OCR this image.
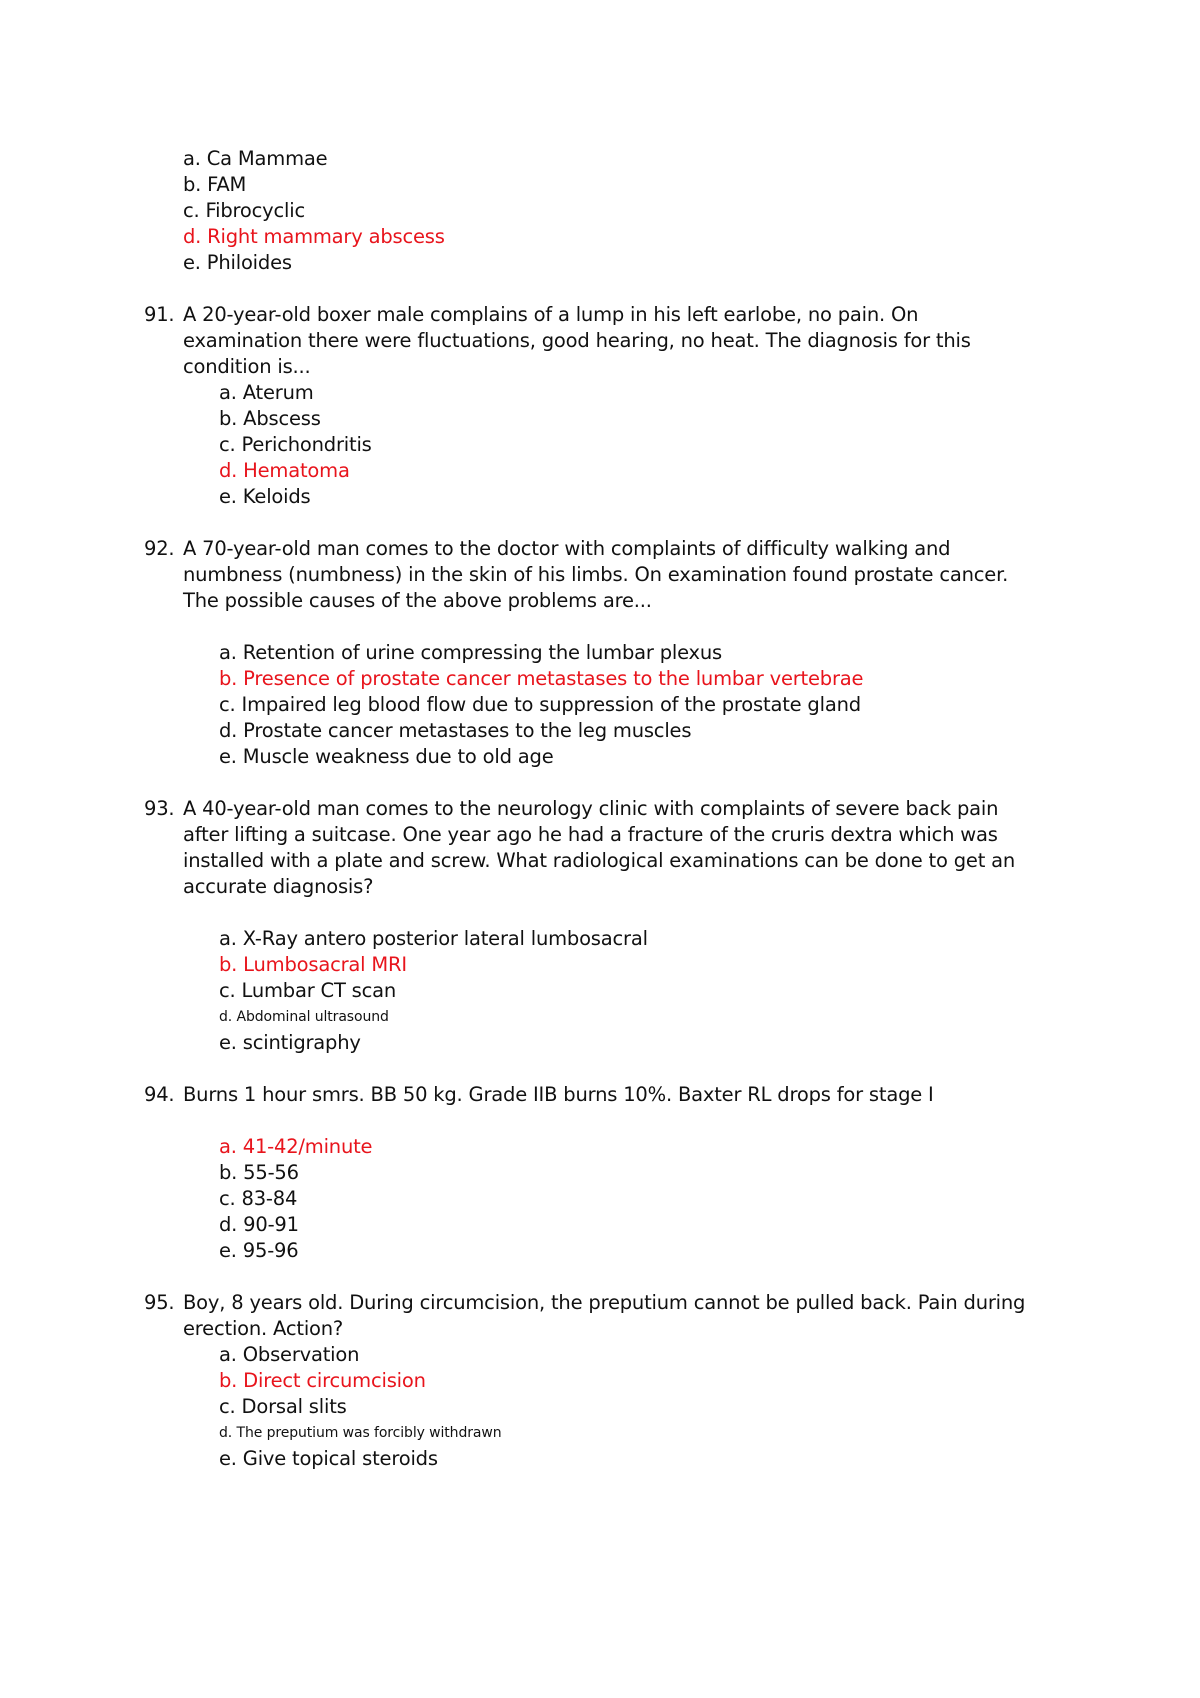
a. Ca Mammae
b. FAM
c. Fibrocyclic
d. Right mammary abscess
e. Philoides
91. A 20-year-old boxer male complains of a lump in his left earlobe, no pain. On
examination there were fluctuations, good hearing, no heat. The diagnosis for this
condition is...
a. Aterum
b. Abscess
c. Perichondritis
d. Hematoma
e. Keloids
92. A 70-year-old man comes to the doctor with complaints of difficulty walking and
numbness (numbness) in the skin of his limbs. On examination found prostate cancer.
The possible causes of the above problems are...
a. Retention of urine compressing the lumbar plexus
b. Presence of prostate cancer metastases to the lumbar vertebrae
c. Impaired leg blood flow due to suppression of the prostate gland
d. Prostate cancer metastases to the leg muscles
e. Muscle weakness due to old age
93. A 40-year-old man comes to the neurology clinic with complaints of severe back pain
after lifting a suitcase. One year ago he had a fracture of the cruris dextra which was
installed with a plate and screw. What radiological examinations can be done to get an
accurate diagnosis?
a. X-Ray antero posterior lateral lumbosacral
b. Lumbosacral MRI
c. Lumbar CT scan
d. Abdominal ultrasound
e. scintigraphy
94. Burns 1 hour smrs. BB 50 kg. Grade IIB burns 10%. Baxter RL drops for stage I
a. 41-42/minute
b. 55-56
c. 83-84
d. 90-91
e. 95-96
95. Boy, 8 years old. During circumcision, the preputium cannot be pulled back. Pain during
erection. Action?
a. Observation
b. Direct circumcision
c. Dorsal slits
d. The preputium was forcibly withdrawn
e. Give topical steroids
